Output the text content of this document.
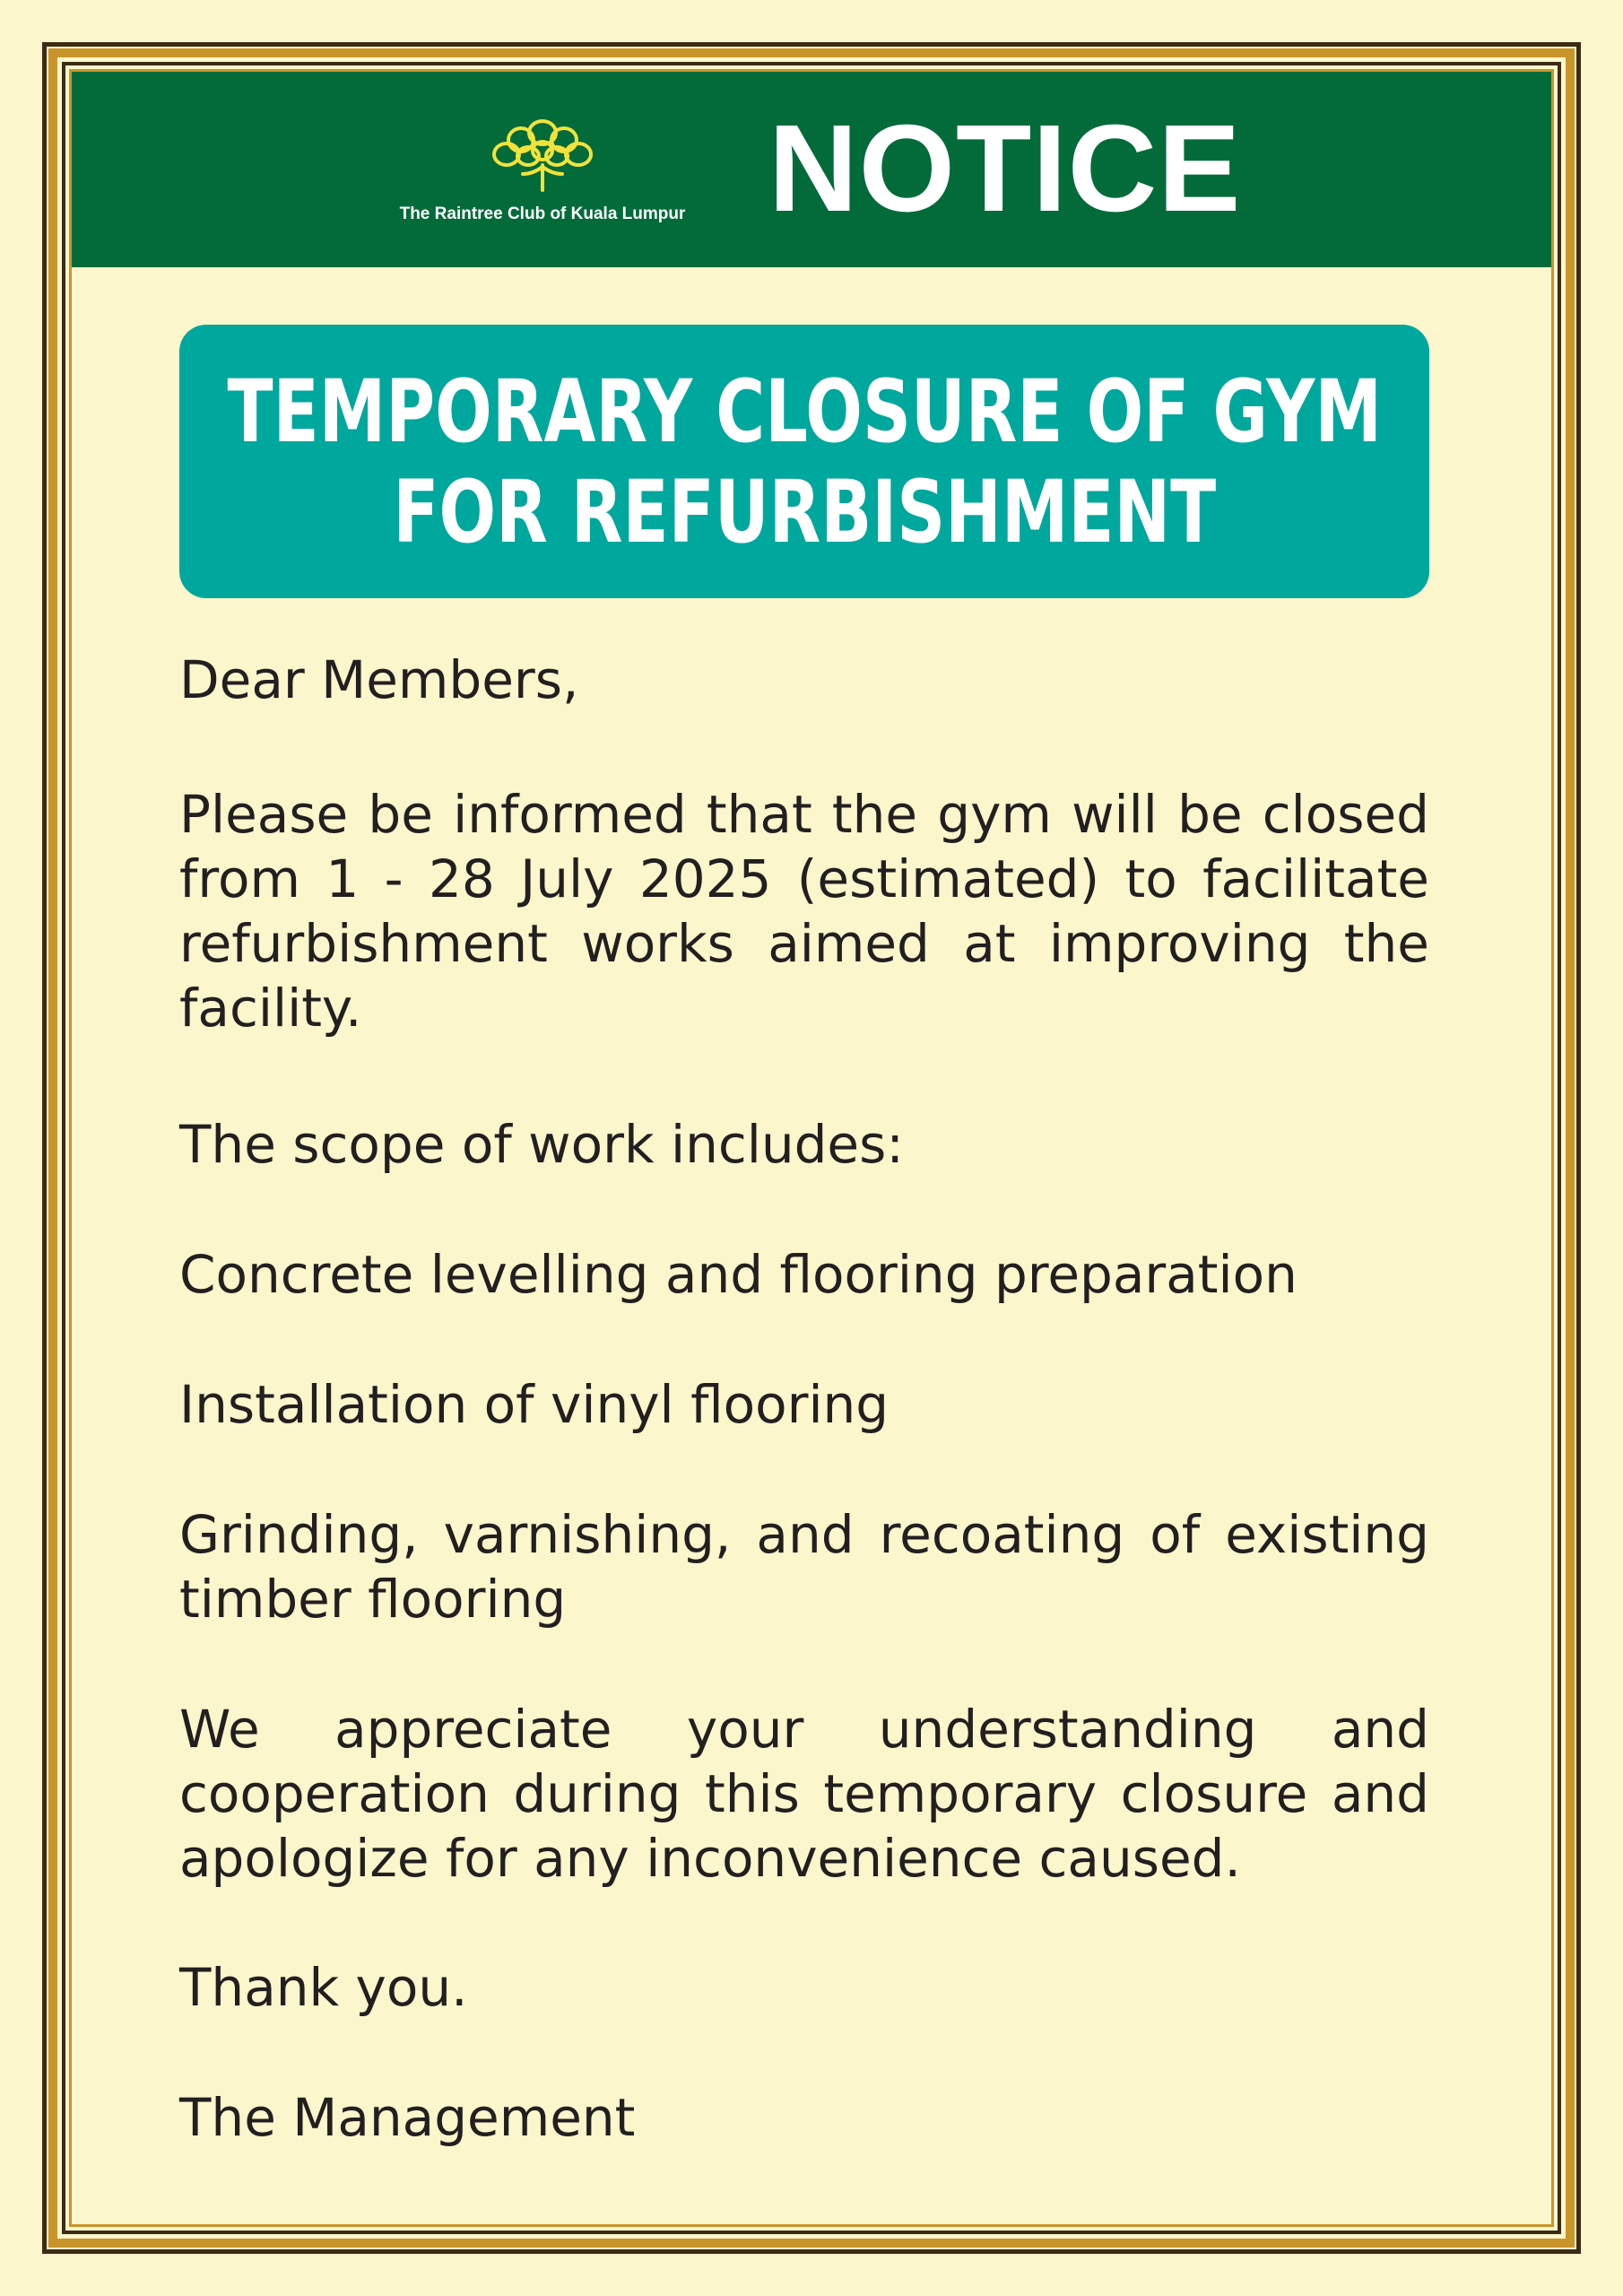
The Raintree Club of Kuala Lumpur NOTICE
TEMPORARY CLOSURE OF GYM
FOR REFURBISHMENT
Dear Members,
Please be informed that the gym will be closed from 1 - 28 July 2025 (estimated) to facilitate refurbishment works aimed at improving the facility.
The scope of work includes:
Concrete levelling and flooring preparation
Installation of vinyl flooring
Grinding, varnishing, and recoating of existing timber flooring
We appreciate your understanding and cooperation during this temporary closure and apologize for any inconvenience caused.
Thank you.
The Management
